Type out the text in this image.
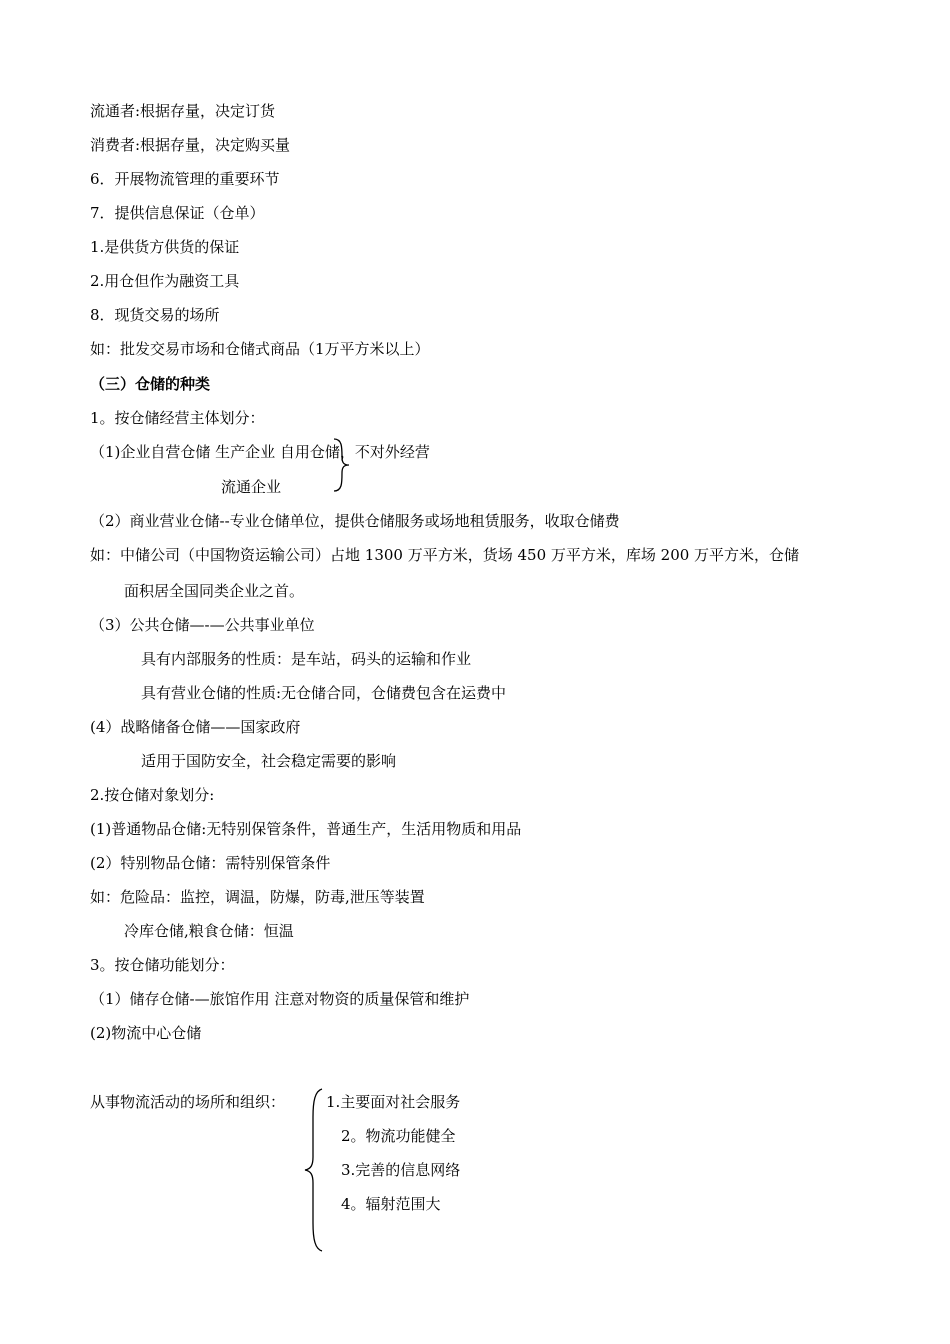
流通者:根据存量，决定订货
消费者:根据存量，决定购买量
6．开展物流管理的重要环节
7．提供信息保证（仓单）
1.是供货方供货的保证
2.用仓但作为融资工具
8．现货交易的场所
如：批发交易市场和仓储式商品（1万平方米以上）
（三）仓储的种类
1。按仓储经营主体划分：
（1)企业自营仓储 生产企业 自用仓储，不对外经营
流通企业
（2）商业营业仓储--专业仓储单位，提供仓储服务或场地租赁服务，收取仓储费
如：中储公司（中国物资运输公司）占地 1300 万平方米，货场 450 万平方米，库场 200 万平方米，仓储
面积居全国同类企业之首。
（3）公共仓储—-—公共事业单位
具有内部服务的性质：是车站，码头的运输和作业
具有营业仓储的性质:无仓储合同，仓储费包含在运费中
(4）战略储备仓储——国家政府
适用于国防安全，社会稳定需要的影响
2.按仓储对象划分:
(1)普通物品仓储:无特别保管条件，普通生产，生活用物质和用品
(2）特别物品仓储：需特别保管条件
如：危险品：监控，调温，防爆，防毒,泄压等装置
冷库仓储,粮食仓储：恒温
3。按仓储功能划分：
（1）储存仓储-—旅馆作用 注意对物资的质量保管和维护
(2)物流中心仓储
从事物流活动的场所和组织：	1.主要面对社会服务
2。物流功能健全
3.完善的信息网络
4。辐射范围大
